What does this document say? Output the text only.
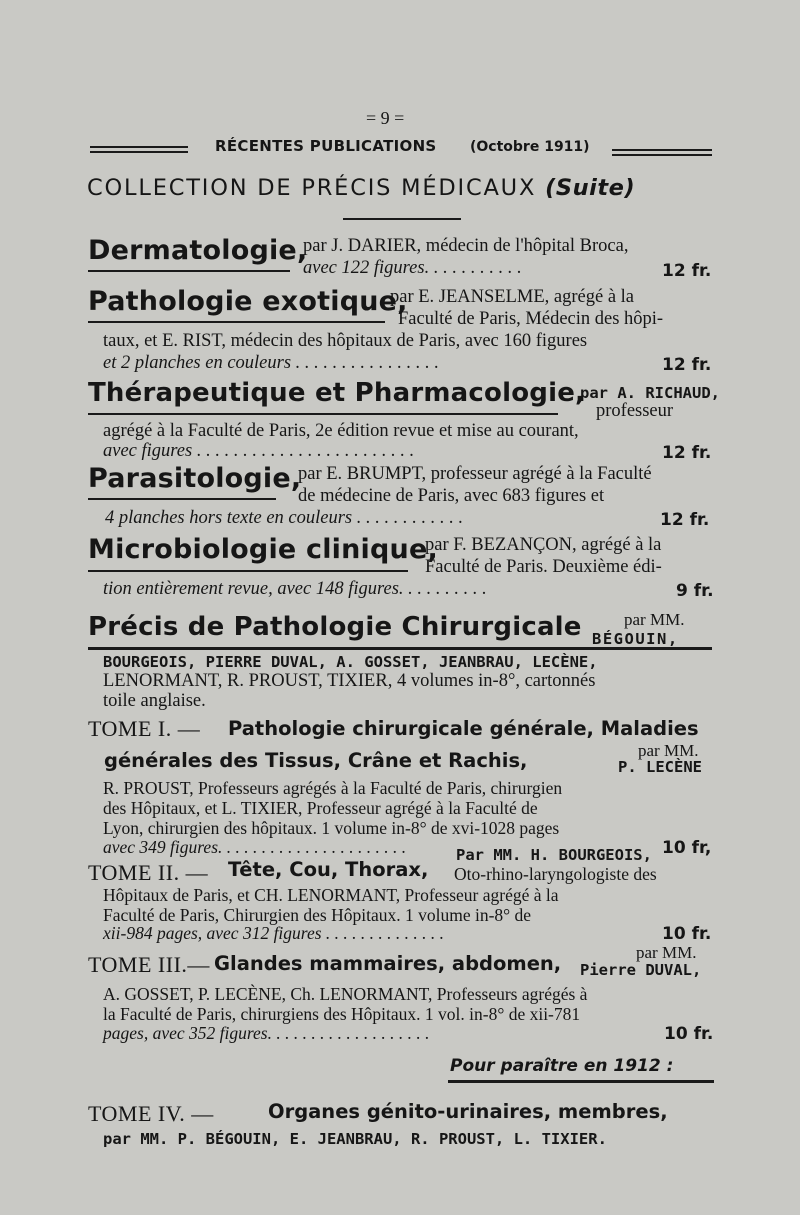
= 9 =
RÉCENTES PUBLICATIONS (Octobre 1911)
COLLECTION DE PRÉCIS MÉDICAUX (Suite)
Dermatologie,
par J. DARIER, médecin de l'hôpital Broca,
avec 122 figures. . . . . . . . . . .	12 fr.
Pathologie exotique,
par E. JEANSELME, agrégé à la
Faculté de Paris, Médecin des hôpi-
taux, et E. RIST, médecin des hôpitaux de Paris, avec 160 figures
et 2 planches en couleurs . . . . . . . . . . . . . . . .	12 fr.
Thérapeutique et Pharmacologie,
par A. RICHAUD,
professeur
agrégé à la Faculté de Paris, 2e édition revue et mise au courant,
avec figures . . . . . . . . . . . . . . . . . . . . . . . .	12 fr.
Parasitologie,
par E. BRUMPT, professeur agrégé à la Faculté
de médecine de Paris, avec 683 figures et
4 planches hors texte en couleurs . . . . . . . . . . . .	12 fr.
Microbiologie clinique,
par F. BEZANÇON, agrégé à la
Faculté de Paris. Deuxième édi-
tion entièrement revue, avec 148 figures. . . . . . . . . .	9 fr.
Précis de Pathologie Chirurgicale par MM.
BÉGOUIN,
BOURGEOIS, PIERRE DUVAL, A. GOSSET, JEANBRAU, LECÈNE,
LENORMANT, R. PROUST, TIXIER, 4 volumes in-8°, cartonnés
toile anglaise.
TOME I. — Pathologie chirurgicale générale, Maladies
générales des Tissus, Crâne et Rachis,	par MM.
P. LECÈNE
R. PROUST, Professeurs agrégés à la Faculté de Paris, chirurgien
des Hôpitaux, et L. TIXIER, Professeur agrégé à la Faculté de
Lyon, chirurgien des hôpitaux. 1 volume in-8° de xvi-1028 pages
avec 349 figures. . . . . . . . . . . . . . . . . . . . . .	10 fr,
TOME II. — Tête, Cou, Thorax,
Par MM. H. BOURGEOIS,
Oto-rhino-laryngologiste des
Hôpitaux de Paris, et CH. LENORMANT, Professeur agrégé à la
Faculté de Paris, Chirurgien des Hôpitaux. 1 volume in-8° de
xii-984 pages, avec 312 figures . . . . . . . . . . . . . .	10 fr.
TOME III.— Glandes mammaires, abdomen,	par MM.
Pierre DUVAL,
A. GOSSET, P. LECÈNE, Ch. LENORMANT, Professeurs agrégés à
la Faculté de Paris, chirurgiens des Hôpitaux. 1 vol. in-8° de xii-781
pages, avec 352 figures. . . . . . . . . . . . . . . . . . .	10 fr.
Pour paraître en 1912 :
TOME IV. —	Organes génito-urinaires, membres,
par MM. P. BÉGOUIN, E. JEANBRAU, R. PROUST, L. TIXIER.
